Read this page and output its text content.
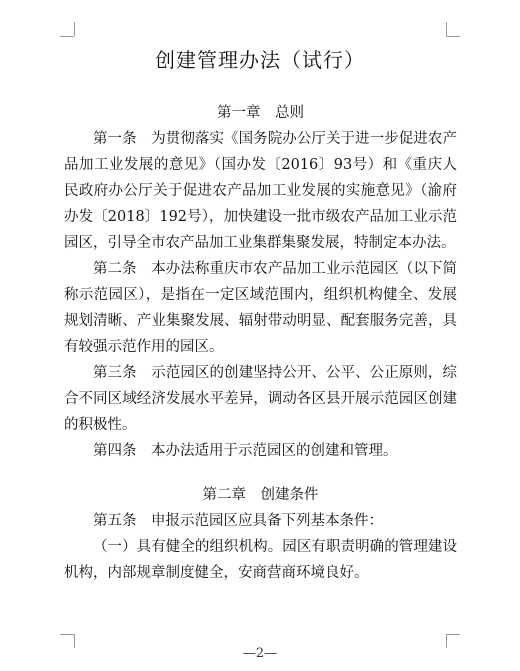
创建管理办法（试行）

第一章　总则

第一条　 为贯彻落实《国务院办公厅关于进一步促进农产品加工业发展的意见》（国办发〔2016〕93号）和《重庆人民政府办公厅关于促进农产品加工业发展的实施意见》（渝府办发〔2018〕192号），加快建设一批市级农产品加工业示范园区，引导全市农产品加工业集群集聚发展，特制定本办法。

第二条　 本办法称重庆市农产品加工业示范园区（以下简称示范园区），是指在一定区域范围内，组织机构健全、发展规划清晰、产业集聚发展、辐射带动明显、配套服务完善，具有较强示范作用的园区。

第三条　 示范园区的创建坚持公开、公平、公正原则，综合不同区域经济发展水平差异，调动各区县开展示范园区创建的积极性。

第四条　 本办法适用于示范园区的创建和管理。

第二章　创建条件

第五条　 申报示范园区应具备下列基本条件：

（一）具有健全的组织机构。园区有职责明确的管理建设机构，内部规章制度健全，安商营商环境良好。

—2—
